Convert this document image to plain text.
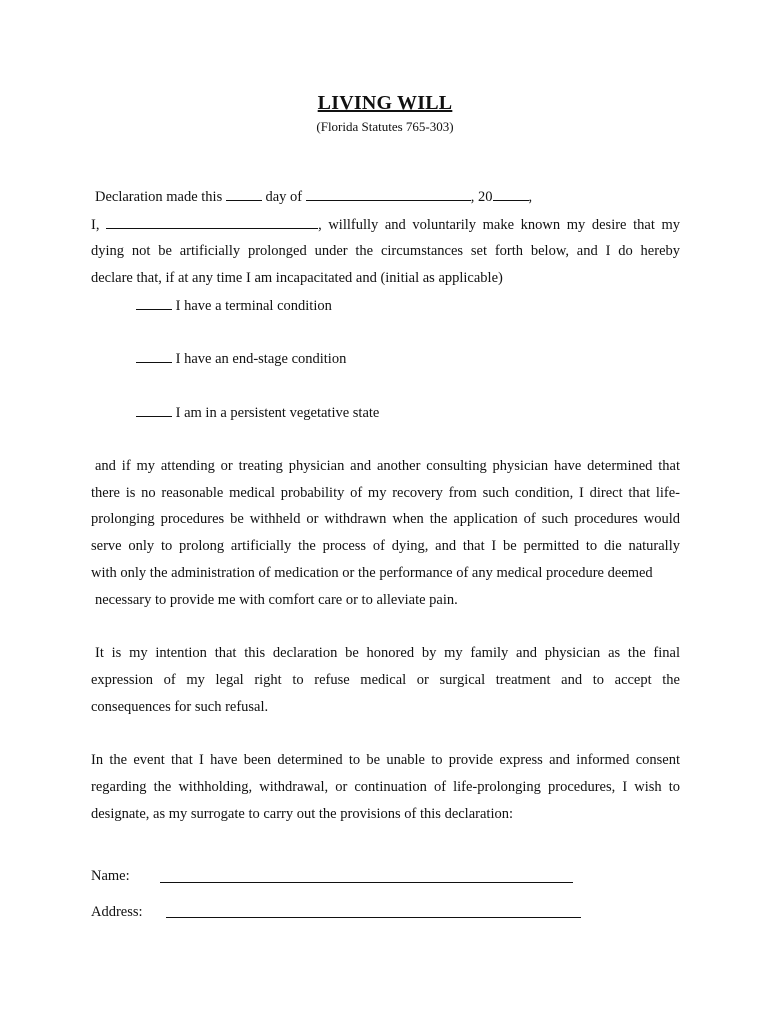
LIVING WILL
(Florida Statutes 765-303)
Declaration made this	day of	, 20 ,
I,	, willfully and voluntarily make known my desire that my
dying not be artificially prolonged under the circumstances set forth below, and I do hereby
declare that, if at any time I am incapacitated and (initial as applicable)
I have a terminal condition
I have an end-stage condition
I am in a persistent vegetative state
and if my attending or treating physician and another consulting physician have determined that
there is no reasonable medical probability of my recovery from such condition, I direct that life-
prolonging procedures be withheld or withdrawn when the application of such procedures would
serve only to prolong artificially the process of dying, and that I be permitted to die naturally
with only the administration of medication or the performance of any medical procedure deemed
necessary to provide me with comfort care or to alleviate pain.
It is my intention that this declaration be honored by my family and physician as the final
expression of my legal right to refuse medical or surgical treatment and to accept the
consequences for such refusal.
In the event that I have been determined to be unable to provide express and informed consent
regarding the withholding, withdrawal, or continuation of life-prolonging procedures, I wish to
designate, as my surrogate to carry out the provisions of this declaration:
Name:
Address:
